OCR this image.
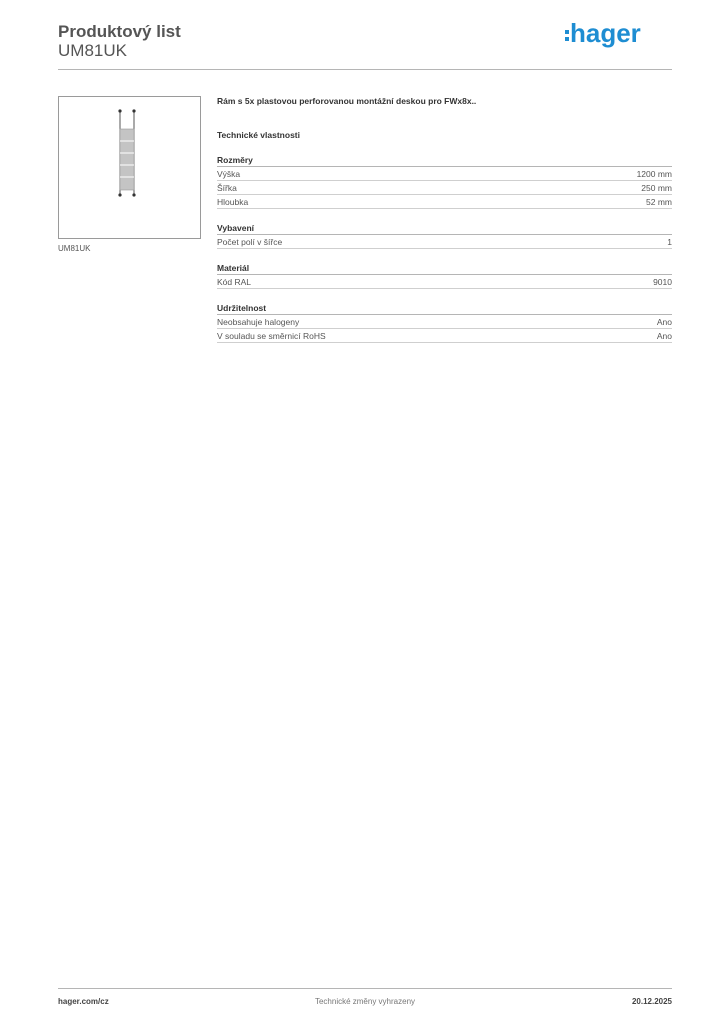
Produktový list
UM81UK
hager
UM81UK
Rám s 5x plastovou perforovanou montážní deskou pro FWx8x..
Technické vlastnosti
Rozměry
Výška	1200 mm
Šířka	250 mm
Hloubka	52 mm
Vybavení
Počet polí v šířce	1
Materiál
Kód RAL	9010
Udržitelnost
Neobsahuje halogeny	Ano
V souladu se směrnicí RoHS	Ano
Technické změny vyhrazeny
hager.com/cz	20.12.2025
